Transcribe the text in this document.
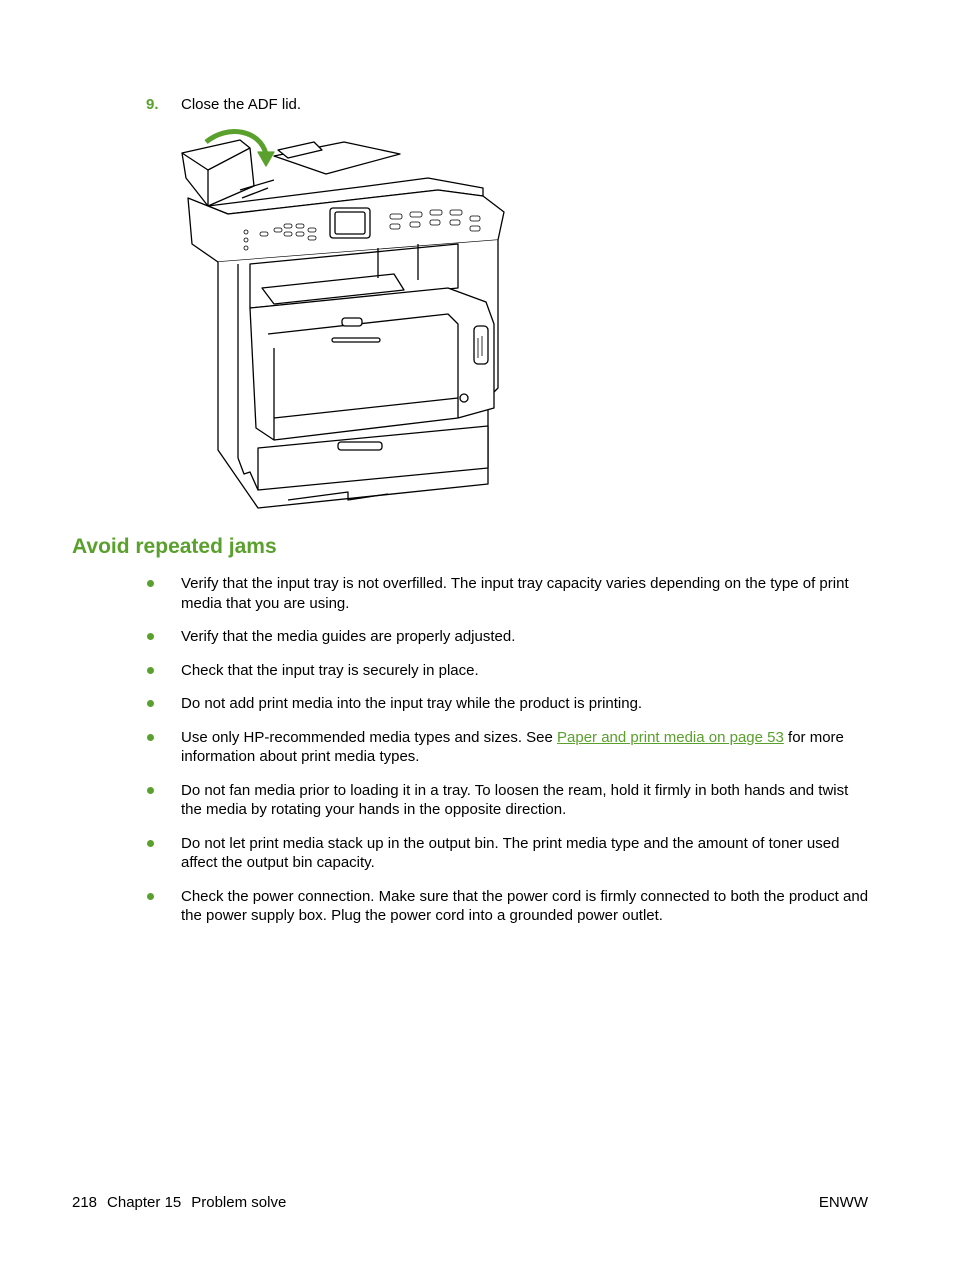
9. Close the ADF lid.
Avoid repeated jams
Verify that the input tray is not overfilled. The input tray capacity varies depending on the type of print media that you are using.
Verify that the media guides are properly adjusted.
Check that the input tray is securely in place.
Do not add print media into the input tray while the product is printing.
Use only HP-recommended media types and sizes. See Paper and print media on page 53 for more information about print media types.
Do not fan media prior to loading it in a tray. To loosen the ream, hold it firmly in both hands and twist the media by rotating your hands in the opposite direction.
Do not let print media stack up in the output bin. The print media type and the amount of toner used affect the output bin capacity.
Check the power connection. Make sure that the power cord is firmly connected to both the product and the power supply box. Plug the power cord into a grounded power outlet.
218 Chapter 15 Problem solve	ENWW
